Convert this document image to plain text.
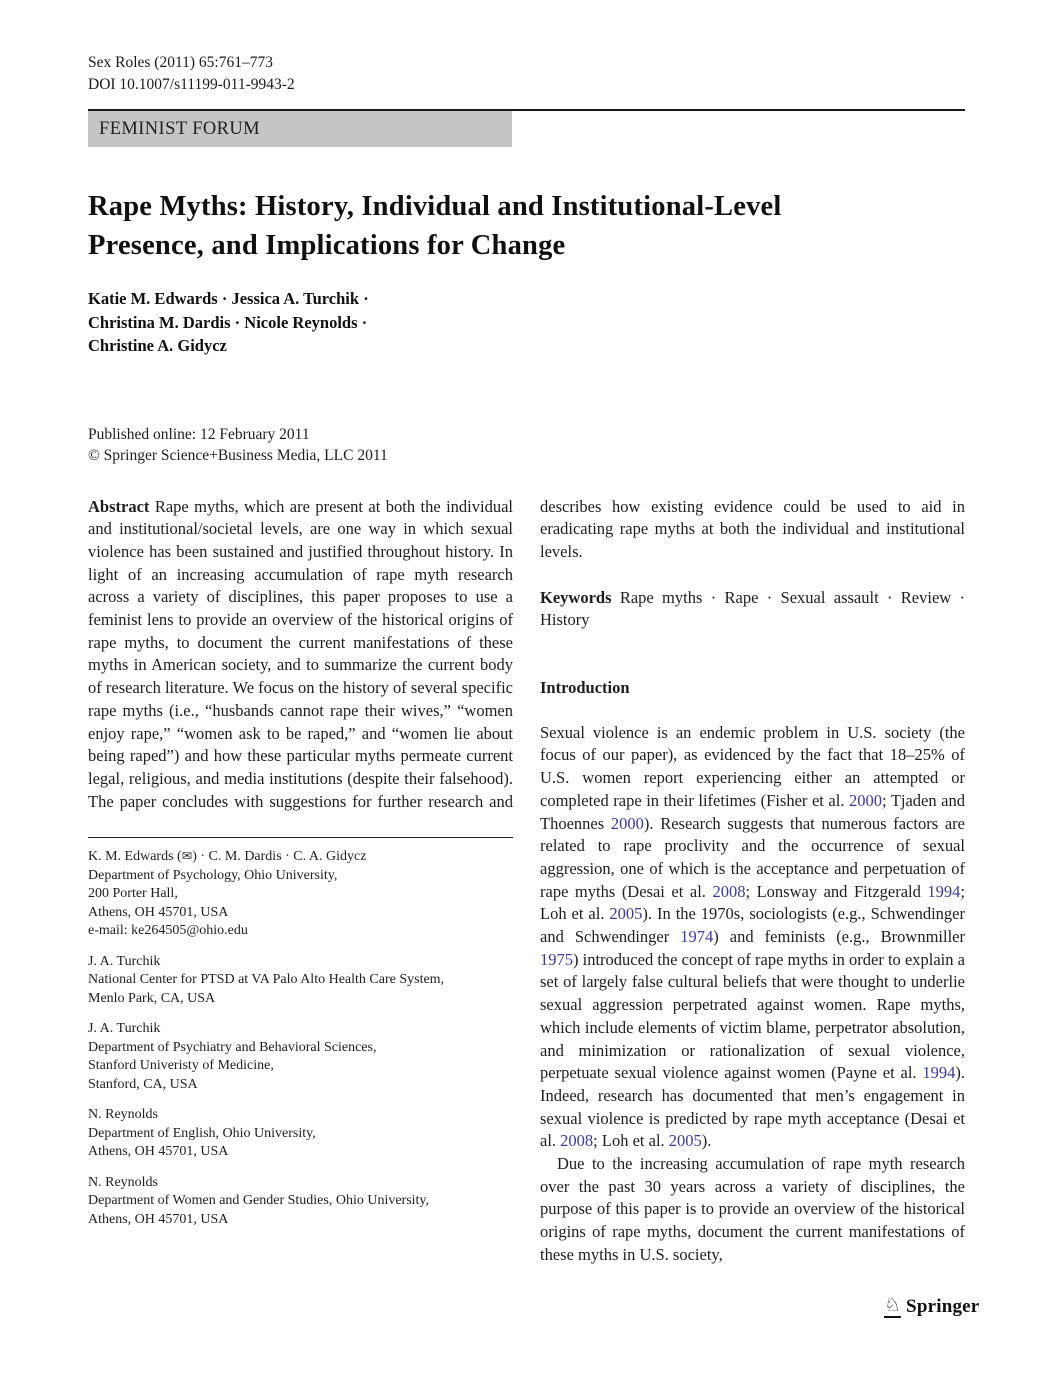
Sex Roles (2011) 65:761–773
DOI 10.1007/s11199-011-9943-2
FEMINIST FORUM
Rape Myths: History, Individual and Institutional-Level
Presence, and Implications for Change
Katie M. Edwards · Jessica A. Turchik ·
Christina M. Dardis · Nicole Reynolds ·
Christine A. Gidycz
Published online: 12 February 2011
© Springer Science+Business Media, LLC 2011

Abstract Rape myths, which are present at both the individual and institutional/societal levels, are one way in which sexual violence has been sustained and justified throughout history. In light of an increasing accumulation of rape myth research across a variety of disciplines, this paper proposes to use a feminist lens to provide an overview of the historical origins of rape myths, to document the current manifestations of these myths in American society, and to summarize the current body of research literature. We focus on the history of several specific rape myths (i.e., “husbands cannot rape their wives,” “women enjoy rape,” “women ask to be raped,” and “women lie about being raped”) and how these particular myths permeate current legal, religious, and media institutions (despite their falsehood). The paper concludes with suggestions for further research and

K. M. Edwards (✉) · C. M. Dardis · C. A. Gidycz
Department of Psychology, Ohio University,
200 Porter Hall,
Athens, OH 45701, USA
e-mail: ke264505@ohio.edu
J. A. Turchik
National Center for PTSD at VA Palo Alto Health Care System,
Menlo Park, CA, USA
J. A. Turchik
Department of Psychiatry and Behavioral Sciences,
Stanford Univeristy of Medicine,
Stanford, CA, USA
N. Reynolds
Department of English, Ohio University,
Athens, OH 45701, USA
N. Reynolds
Department of Women and Gender Studies, Ohio University,
Athens, OH 45701, USA

describes how existing evidence could be used to aid in eradicating rape myths at both the individual and institutional levels.

Keywords Rape myths · Rape · Sexual assault · Review · History

Introduction

Sexual violence is an endemic problem in U.S. society (the focus of our paper), as evidenced by the fact that 18–25% of U.S. women report experiencing either an attempted or completed rape in their lifetimes (Fisher et al. 2000; Tjaden and Thoennes 2000). Research suggests that numerous factors are related to rape proclivity and the occurrence of sexual aggression, one of which is the acceptance and perpetuation of rape myths (Desai et al. 2008; Lonsway and Fitzgerald 1994; Loh et al. 2005). In the 1970s, sociologists (e.g., Schwendinger and Schwendinger 1974) and feminists (e.g., Brownmiller 1975) introduced the concept of rape myths in order to explain a set of largely false cultural beliefs that were thought to underlie sexual aggression perpetrated against women. Rape myths, which include elements of victim blame, perpetrator absolution, and minimization or rationalization of sexual violence, perpetuate sexual violence against women (Payne et al. 1994). Indeed, research has documented that men’s engagement in sexual violence is predicted by rape myth acceptance (Desai et al. 2008; Loh et al. 2005).

Due to the increasing accumulation of rape myth research over the past 30 years across a variety of disciplines, the purpose of this paper is to provide an overview of the historical origins of rape myths, document the current manifestations of these myths in U.S. society,

♘ Springer
